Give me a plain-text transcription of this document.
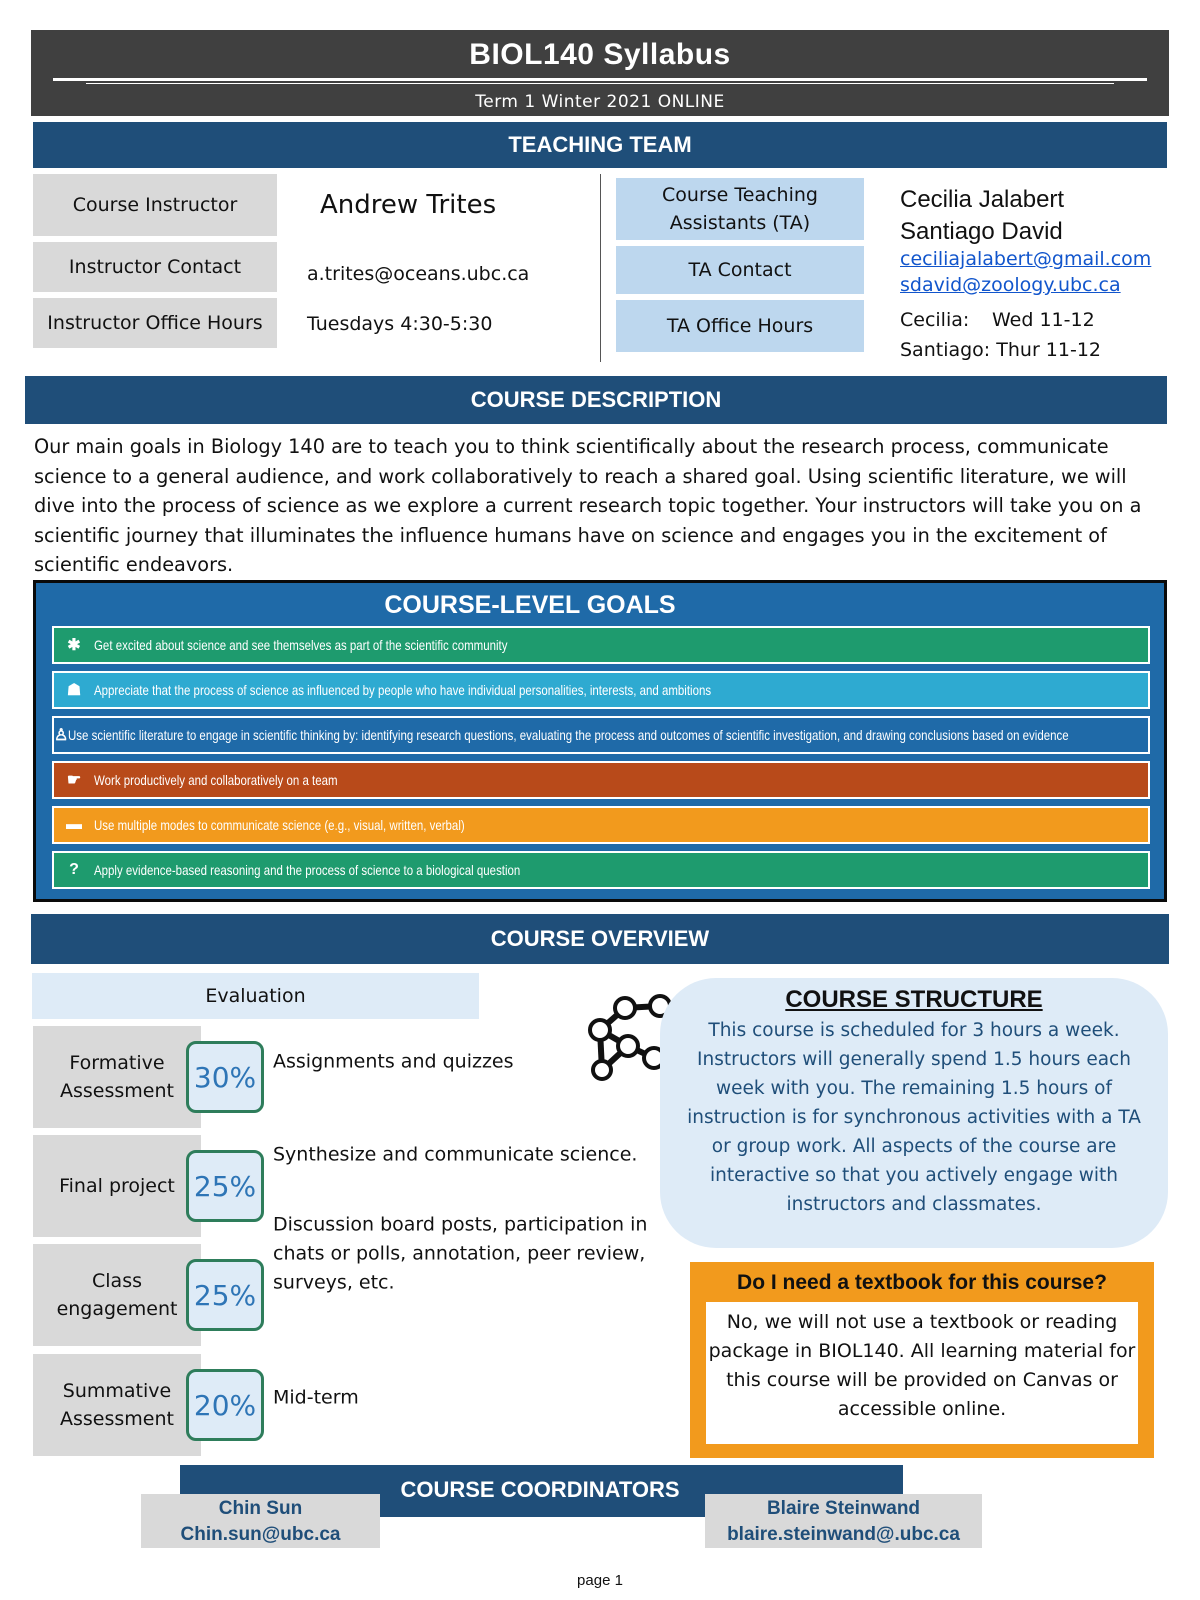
BIOL140 Syllabus
Term 1 Winter 2021 ONLINE
TEACHING TEAM
Course Instructor
Instructor Contact
Instructor Office Hours
Andrew Trites
a.trites@oceans.ubc.ca
Tuesdays 4:30-5:30
Course Teaching Assistants (TA)
TA Contact
TA Office Hours
Cecilia Jalabert
Santiago David
ceciliajalabert@gmail.com
sdavid@zoology.ubc.ca
Cecilia: Wed 11-12
Santiago: Thur 11-12
COURSE DESCRIPTION
Our main goals in Biology 140 are to teach you to think scientifically about the research process, communicate science to a general audience, and work collaboratively to reach a shared goal. Using scientific literature, we will dive into the process of science as we explore a current research topic together. Your instructors will take you on a scientific journey that illuminates the influence humans have on science and engages you in the excitement of scientific endeavors.
COURSE-LEVEL GOALS
✱ Get excited about science and see themselves as part of the scientific community
☗ Appreciate that the process of science as influenced by people who have individual personalities, interests, and ambitions
♙ Use scientific literature to engage in scientific thinking by: identifying research questions, evaluating the process and outcomes of scientific investigation, and drawing conclusions based on evidence
☛ Work productively and collaboratively on a team
▬ Use multiple modes to communicate science (e.g., visual, written, verbal)
?	Apply evidence-based reasoning and the process of science to a biological question
COURSE OVERVIEW
Evaluation
Formative Assessment 30% Assignments and quizzes
Final project 25%
Synthesize and communicate science.
Class engagement 25%
Discussion board posts, participation in chats or polls, annotation, peer review, surveys, etc.
Summative Assessment 20% Mid-term
COURSE STRUCTURE

This course is scheduled for 3 hours a week. Instructors will generally spend 1.5 hours each week with you. The remaining 1.5 hours of instruction is for synchronous activities with a TA or group work. All aspects of the course are interactive so that you actively engage with instructors and classmates.

Do I need a textbook for this course?
No, we will not use a textbook or reading package in BIOL140. All learning material for this course will be provided on Canvas or accessible online.
Chin Sun
Chin.sun@ubc.ca
Blaire Steinwand
blaire.steinwand@.ubc.ca
COURSE COORDINATORS
page 1
